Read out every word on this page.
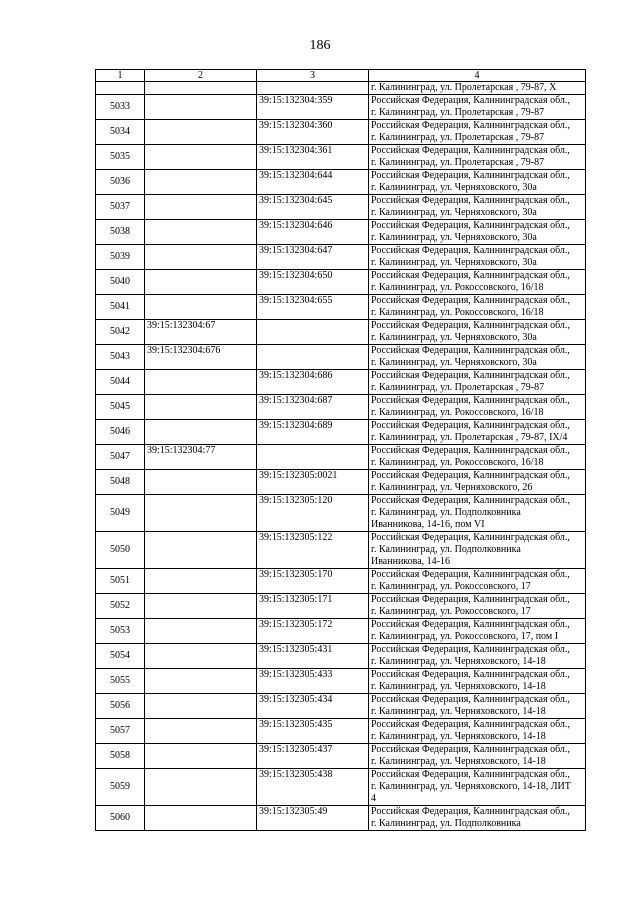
186
1	2	3	4
			г. Калининград, ул. Пролетарская , 79-87, X
5033		39:15:132304:359	Российская Федерация, Калининградская обл.,
г. Калининград, ул. Пролетарская , 79-87

5034		39:15:132304:360	Российская Федерация, Калининградская обл.,
г. Калининград, ул. Пролетарская , 79-87

5035		39:15:132304:361	Российская Федерация, Калининградская обл.,
г. Калининград, ул. Пролетарская , 79-87

5036		39:15:132304:644	Российская Федерация, Калининградская обл.,
г. Калининград, ул. Черняховского, 30а

5037		39:15:132304:645	Российская Федерация, Калининградская обл.,
г. Калининград, ул. Черняховского, 30а

5038		39:15:132304:646	Российская Федерация, Калининградская обл.,
г. Калининград, ул. Черняховского, 30а

5039		39:15:132304:647	Российская Федерация, Калининградская обл.,
г. Калининград, ул. Черняховского, 30а

5040		39:15:132304:650	Российская Федерация, Калининградская обл.,
г. Калининград, ул. Рокоссовского, 16/18

5041		39:15:132304:655	Российская Федерация, Калининградская обл.,
г. Калининград, ул. Рокоссовского, 16/18

5042	39:15:132304:67		Российская Федерация, Калининградская обл.,
г. Калининград, ул. Черняховского, 30а

5043	39:15:132304:676		Российская Федерация, Калининградская обл.,
г. Калининград, ул. Черняховского, 30а

5044		39:15:132304:686	Российская Федерация, Калининградская обл.,
г. Калининград, ул. Пролетарская , 79-87

5045		39:15:132304:687	Российская Федерация, Калининградская обл.,
г. Калининград, ул. Рокоссовского, 16/18

5046		39:15:132304:689	Российская Федерация, Калининградская обл.,
г. Калининград, ул. Пролетарская , 79-87, IX/4

5047	39:15:132304:77		Российская Федерация, Калининградская обл.,
г. Калининград, ул. Рокоссовского, 16/18

5048		39:15:132305:0021	Российская Федерация, Калининградская обл.,
г. Калининград, ул. Черняховского, 26

5049		39:15:132305:120	Российская Федерация, Калининградская обл.,
г. Калининград, ул. Подполковника
Иванникова, 14-16, пом VI

5050		39:15:132305:122	Российская Федерация, Калининградская обл.,
г. Калининград, ул. Подполковника
Иванникова, 14-16

5051		39:15:132305:170	Российская Федерация, Калининградская обл.,
г. Калининград, ул. Рокоссовского, 17

5052		39:15:132305:171	Российская Федерация, Калининградская обл.,
г. Калининград, ул. Рокоссовского, 17

5053		39:15:132305:172	Российская Федерация, Калининградская обл.,
г. Калининград, ул. Рокоссовского, 17, пом I

5054		39:15:132305:431	Российская Федерация, Калининградская обл.,
г. Калининград, ул. Черняховского, 14-18

5055		39:15:132305:433	Российская Федерация, Калининградская обл.,
г. Калининград, ул. Черняховского, 14-18

5056		39:15:132305:434	Российская Федерация, Калининградская обл.,
г. Калининград, ул. Черняховского, 14-18

5057		39:15:132305:435	Российская Федерация, Калининградская обл.,
г. Калининград, ул. Черняховского, 14-18

5058		39:15:132305:437	Российская Федерация, Калининградская обл.,
г. Калининград, ул. Черняховского, 14-18

5059		39:15:132305:438	Российская Федерация, Калининградская обл.,
г. Калининград, ул. Черняховского, 14-18, ЛИТ
4

5060		39:15:132305:49	Российская Федерация, Калининградская обл.,
г. Калининград, ул. Подполковника
